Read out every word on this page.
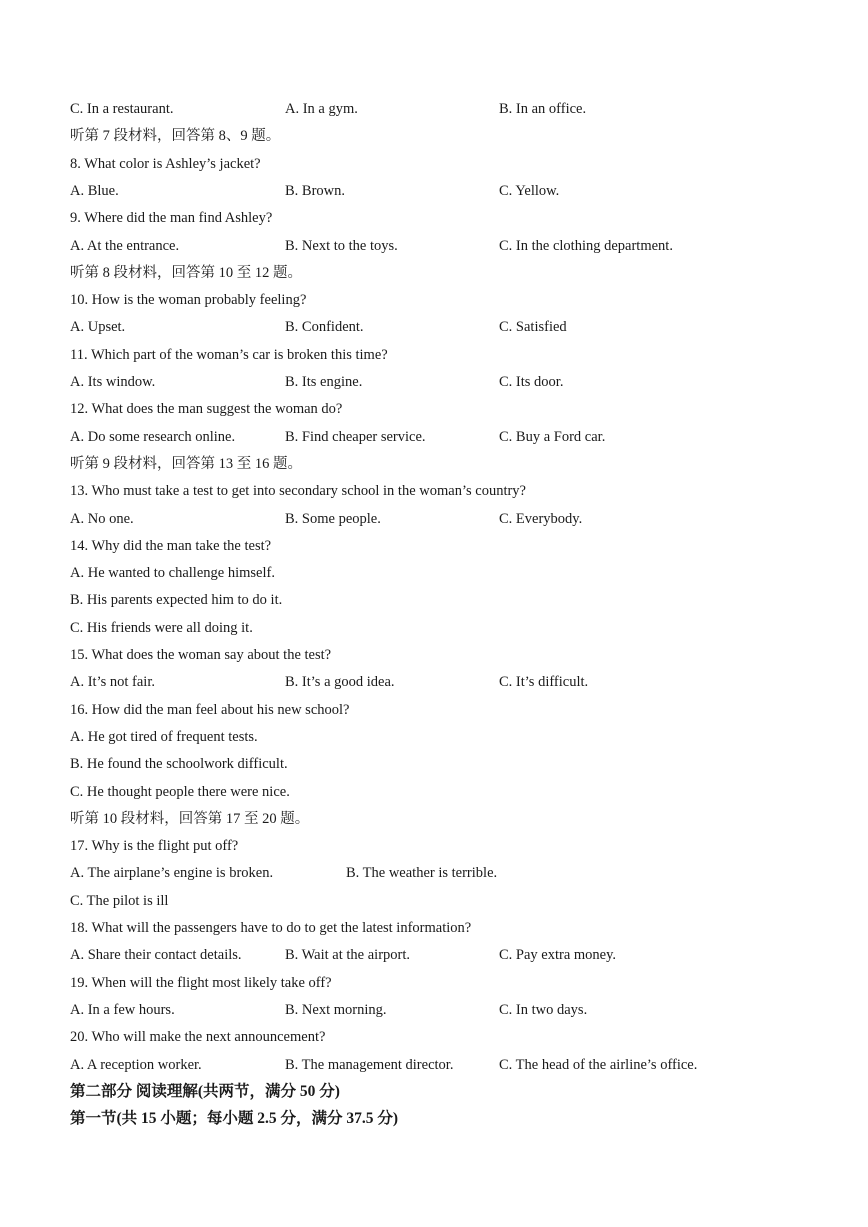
C. In a restaurant.	A. In a gym.	B. In an office.
听第 7 段材料，回答第 8、9 题。
8. What color is Ashley’s jacket?
A. Blue.	B. Brown.	C. Yellow.
9. Where did the man find Ashley?
A. At the entrance.	B. Next to the toys.	C. In the clothing department.
听第 8 段材料，回答第 10 至 12 题。
10. How is the woman probably feeling?
A. Upset.	B. Confident.	C. Satisfied
11. Which part of the woman’s car is broken this time?
A. Its window.	B. Its engine.	C. Its door.
12. What does the man suggest the woman do?
A. Do some research online.	B. Find cheaper service.	C. Buy a Ford car.
听第 9 段材料，回答第 13 至 16 题。
13. Who must take a test to get into secondary school in the woman’s country?
A. No one.	B. Some people.	C. Everybody.
14. Why did the man take the test?
A. He wanted to challenge himself.
B. His parents expected him to do it.
C. His friends were all doing it.
15. What does the woman say about the test?
A. It’s not fair.	B. It’s a good idea.	C. It’s difficult.
16. How did the man feel about his new school?
A. He got tired of frequent tests.
B. He found the schoolwork difficult.
C. He thought people there were nice.
听第 10 段材料，回答第 17 至 20 题。
17. Why is the flight put off?
A. The airplane’s engine is broken.	B. The weather is terrible.
C. The pilot is ill
18. What will the passengers have to do to get the latest information?
A. Share their contact details.	B. Wait at the airport.	C. Pay extra money.
19. When will the flight most likely take off?
A. In a few hours.	B. Next morning.	C. In two days.
20. Who will make the next announcement?
A. A reception worker.	B. The management director.	C. The head of the airline’s office.
第二部分 阅读理解(共两节，满分 50 分)
第一节(共 15 小题；每小题 2.5 分，满分 37.5 分)
